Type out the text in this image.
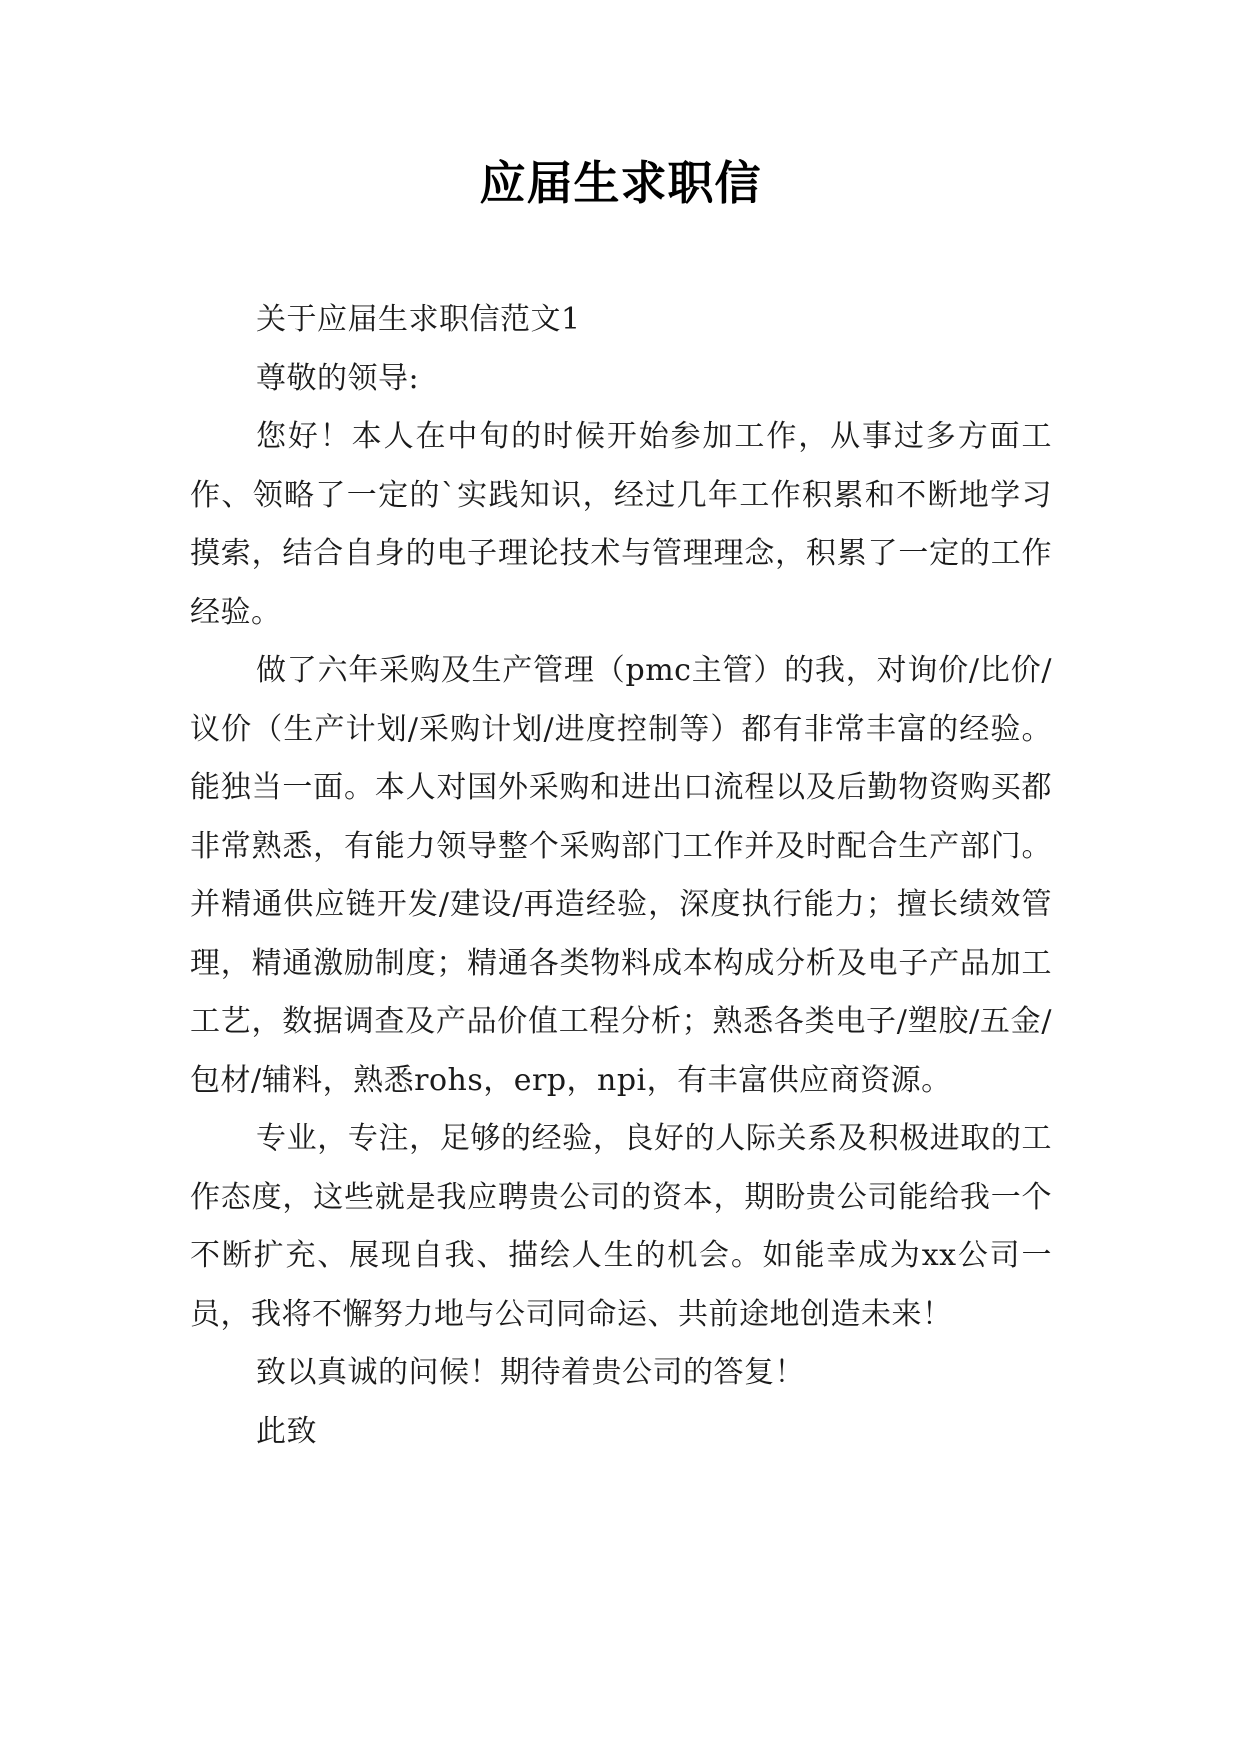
应届生求职信

关于应届生求职信范文1

尊敬的领导:

您好！本人在中旬的时候开始参加工作，从事过多方面工作、领略了一定的`实践知识，经过几年工作积累和不断地学习摸索，结合自身的电子理论技术与管理理念，积累了一定的工作经验。

做了六年采购及生产管理（pmc主管）的我，对询价/比价/议价（生产计划/采购计划/进度控制等）都有非常丰富的经验。能独当一面。本人对国外采购和进出口流程以及后勤物资购买都非常熟悉，有能力领导整个采购部门工作并及时配合生产部门。并精通供应链开发/建设/再造经验，深度执行能力；擅长绩效管理，精通激励制度；精通各类物料成本构成分析及电子产品加工工艺，数据调查及产品价值工程分析；熟悉各类电子/塑胶/五金/包材/辅料，熟悉rohs，erp，npi，有丰富供应商资源。

专业，专注，足够的经验，良好的人际关系及积极进取的工作态度，这些就是我应聘贵公司的资本，期盼贵公司能给我一个不断扩充、展现自我、描绘人生的机会。如能幸成为xx公司一员，我将不懈努力地与公司同命运、共前途地创造未来！

致以真诚的问候！期待着贵公司的答复！

此致
